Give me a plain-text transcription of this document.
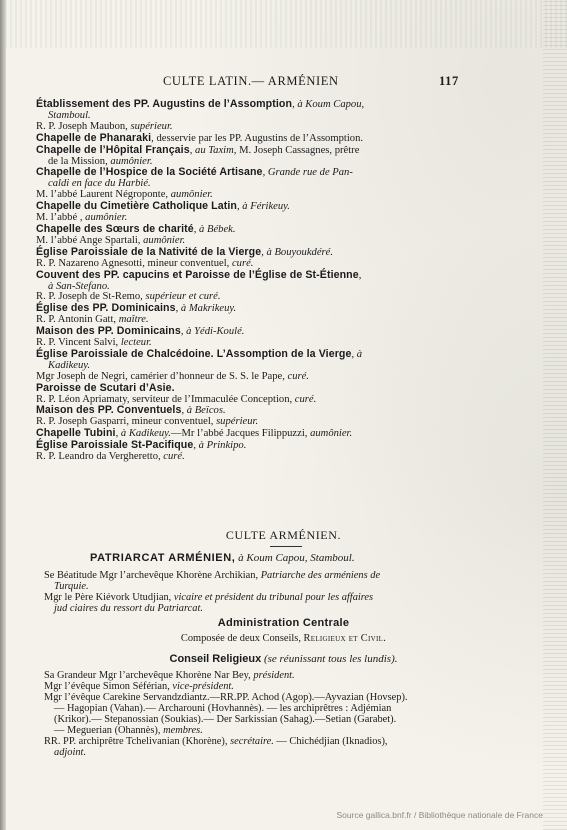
CULTE LATIN.— ARMÉNIEN	117
Établissement des PP. Augustins de l’Assomption, à Koum Capou,
Stamboul.
R. P. Joseph Maubon, supérieur.
Chapelle de Phanaraki, desservie par les PP. Augustins de l’Assomption.
Chapelle de l’Hôpital Français, au Taxim, M. Joseph Cassagnes, prêtre
de la Mission, aumônier.
Chapelle de l’Hospice de la Société Artisane, Grande rue de Pan-
caldi en face du Harbié.
M. l’abbé Laurent Négroponte, aumônier.
Chapelle du Cimetière Catholique Latin, à Férikeuy.
M. l’abbé , aumônier.
Chapelle des Sœurs de charité, à Bébek.
M. l’abbé Ange Spartali, aumônier.
Église Paroissiale de la Nativité de la Vierge, à Bouyoukdéré.
R. P. Nazareno Agnesotti, mineur conventuel, curé.
Couvent des PP. capucins et Paroisse de l’Église de St-Étienne,
à San-Stefano.
R. P. Joseph de St-Remo, supérieur et curé.
Église des PP. Dominicains, à Makrikeuy.
R. P. Antonin Gatt, maître.
Maison des PP. Dominicains, à Yédi-Koulé.
R. P. Vincent Salvi, lecteur.
Église Paroissiale de Chalcédoine. L’Assomption de la Vierge, à
Kadikeuy.
Mgr Joseph de Negri, camérier d’honneur de S. S. le Pape, curé.
Paroisse de Scutari d’Asie.
R. P. Léon Apriamaty, serviteur de l’Immaculée Conception, curé.
Maison des PP. Conventuels, à Beïcos.
R. P. Joseph Gasparri, mineur conventuel, supérieur.
Chapelle Tubini, à Kadikeuy.—Mr l’abbé Jacques Filippuzzi, aumônier.
Église Paroissiale St-Pacifique, à Prinkipo.
R. P. Leandro da Vergheretto, curé.
CULTE ARMÉNIEN.
PATRIARCAT ARMÉNIEN, à Koum Capou, Stamboul.
Se Béatitude Mgr l’archevêque Khorène Archikian, Patriarche des arméniens de
Turquie.
Mgr le Père Kiévork Utudjian, vicaire et président du tribunal pour les affaires
jud ciaires du ressort du Patriarcat.
Administration Centrale
Composée de deux Conseils, Religieux et Civil.
Conseil Religieux (se réunissant tous les lundis).
Sa Grandeur Mgr l’archevêque Khorène Nar Bey, président.
Mgr l’évêque Simon Séférian, vice-président.
Mgr l’évêque Carekine Servandzdiantz.—RR.PP. Achod (Agop).—Ayvazian (Hovsep).
— Hagopian (Vahan).— Archarouni (Hovhannès). — les archiprêtres : Adjémian
(Krikor).— Stepanossian (Soukias).— Der Sarkissian (Sahag).—Setian (Garabet).
— Meguerian (Ohannès), membres.
RR. PP. archiprêtre Tchelivanian (Khorène), secrétaire. — Chichédjian (Iknadios),
adjoint.
Source gallica.bnf.fr / Bibliothèque nationale de France
